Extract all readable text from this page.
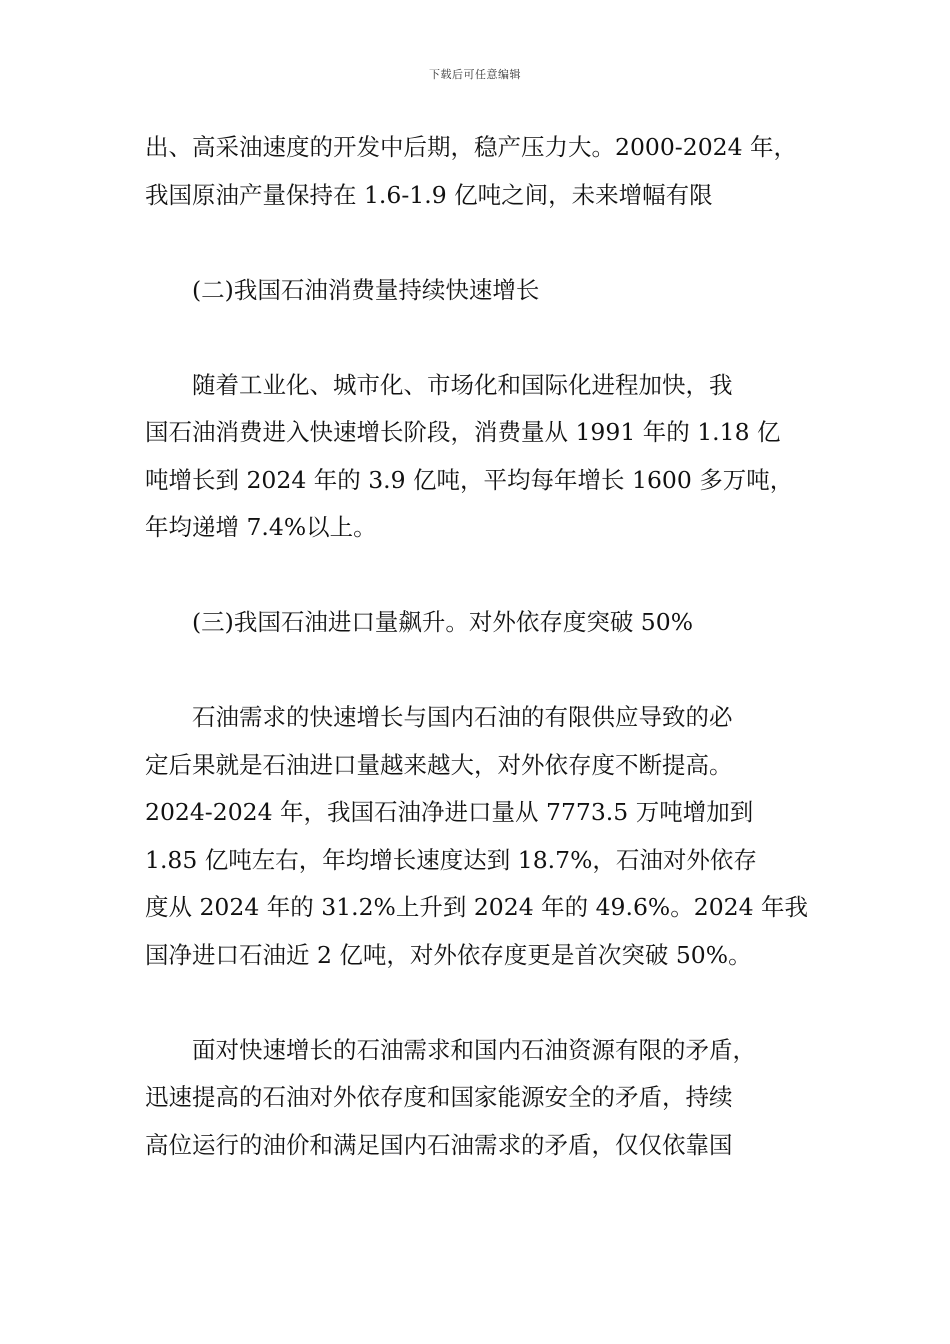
下载后可任意编辑

出、高采油速度的开发中后期，稳产压力大。2000-2024 年，
我国原油产量保持在 1.6-1.9 亿吨之间，未来增幅有限

(二)我国石油消费量持续快速增长

随着工业化、城市化、市场化和国际化进程加快，我
国石油消费进入快速增长阶段，消费量从 1991 年的 1.18 亿
吨增长到 2024 年的 3.9 亿吨，平均每年增长 1600 多万吨，
年均递增 7.4%以上。

(三)我国石油进口量飙升。对外依存度突破 50%

石油需求的快速增长与国内石油的有限供应导致的必
定后果就是石油进口量越来越大，对外依存度不断提高。
2024-2024 年，我国石油净进口量从 7773.5 万吨增加到
1.85 亿吨左右，年均增长速度达到 18.7%，石油对外依存
度从 2024 年的 31.2%上升到 2024 年的 49.6%。2024 年我
国净进口石油近 2 亿吨，对外依存度更是首次突破 50%。

面对快速增长的石油需求和国内石油资源有限的矛盾，
迅速提高的石油对外依存度和国家能源安全的矛盾，持续
高位运行的油价和满足国内石油需求的矛盾，仅仅依靠国
